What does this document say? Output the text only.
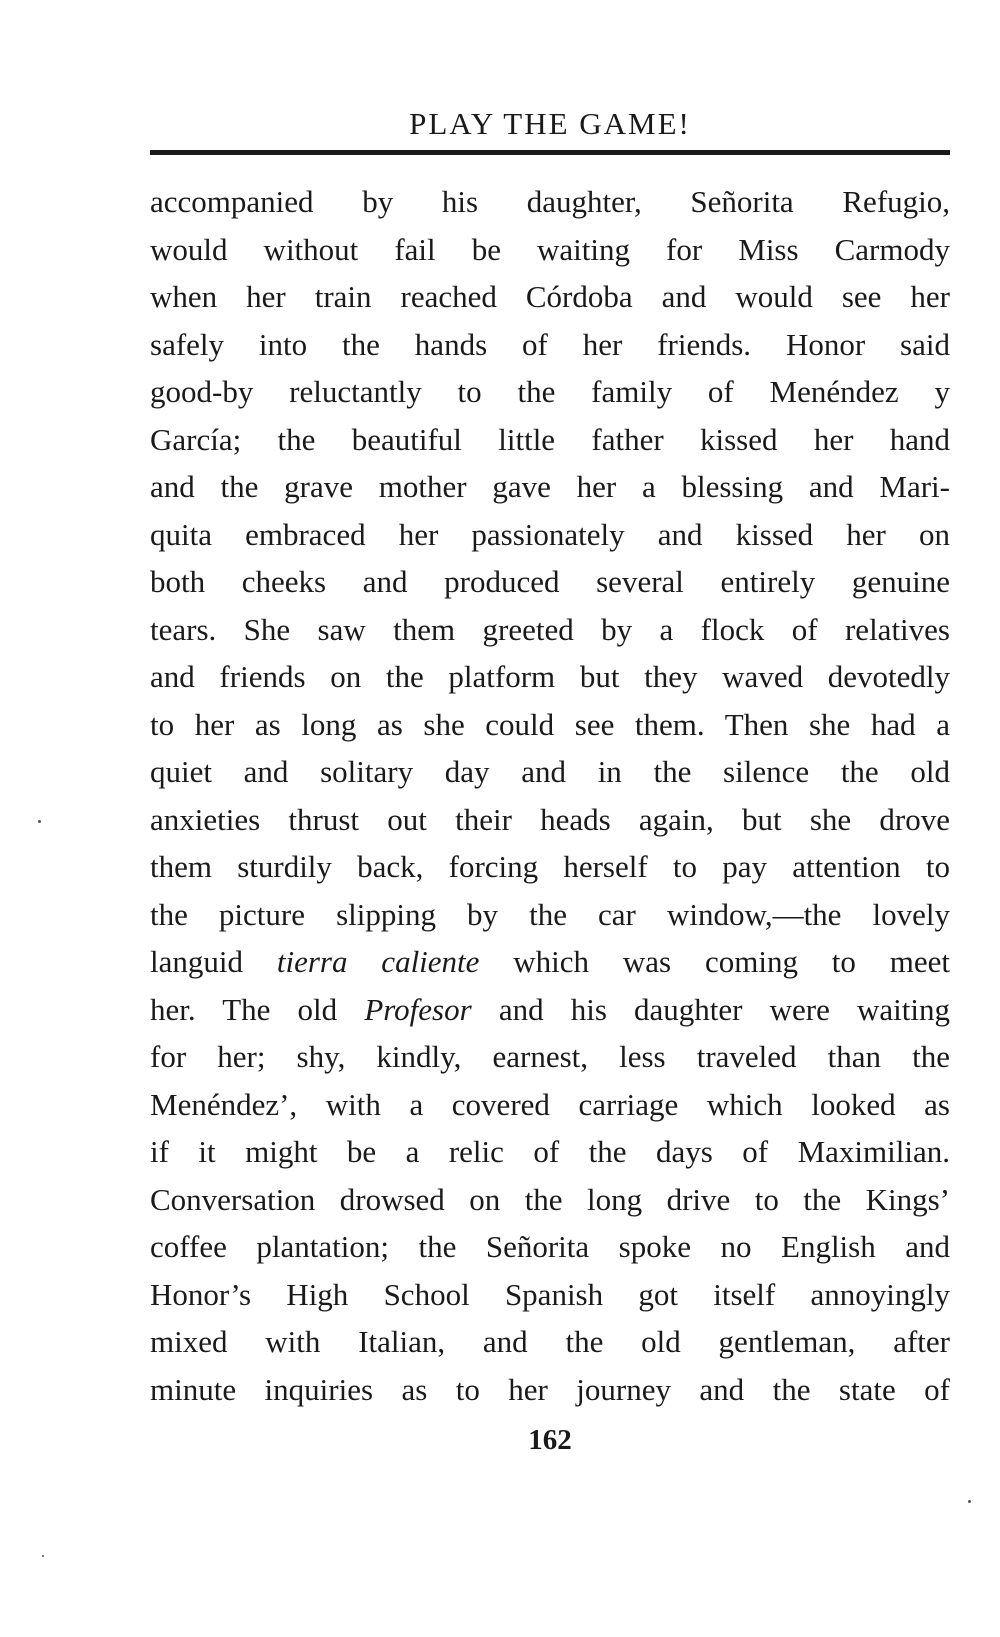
PLAY THE GAME!
accompanied by his daughter, Señorita Refugio,
would without fail be waiting for Miss Carmody
when her train reached Córdoba and would see her
safely into the hands of her friends. Honor said
good-by reluctantly to the family of Menéndez y
García; the beautiful little father kissed her hand
and the grave mother gave her a blessing and Mari-
quita embraced her passionately and kissed her on
both cheeks and produced several entirely genuine
tears. She saw them greeted by a flock of relatives
and friends on the platform but they waved devotedly
to her as long as she could see them. Then she had a
quiet and solitary day and in the silence the old
anxieties thrust out their heads again, but she drove
them sturdily back, forcing herself to pay attention to
the picture slipping by the car window,—the lovely
languid tierra caliente which was coming to meet
her. The old Profesor and his daughter were waiting
for her; shy, kindly, earnest, less traveled than the
Menéndez’, with a covered carriage which looked as
if it might be a relic of the days of Maximilian.
Conversation drowsed on the long drive to the Kings’
coffee plantation; the Señorita spoke no English and
Honor’s High School Spanish got itself annoyingly
mixed with Italian, and the old gentleman, after
minute inquiries as to her journey and the state of
162
